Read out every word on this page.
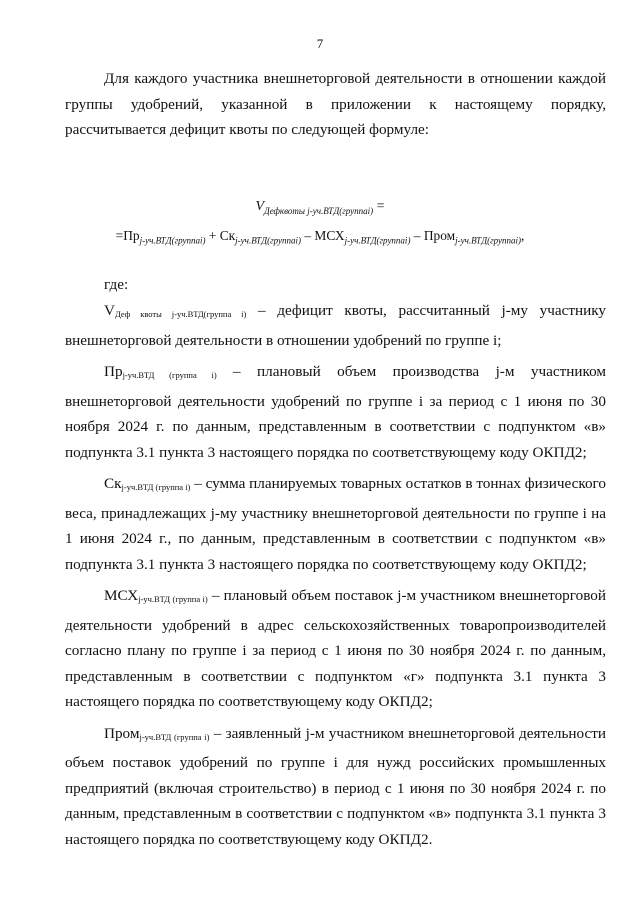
7

Для каждого участника внешнеторговой деятельности в отношении каждой группы удобрений, указанной в приложении к настоящему порядку, рассчитывается дефицит квоты по следующей формуле:

$V_{Дефквоты j-уч.ВТД(группаi)}$ =
$=Пр_{j-уч.ВТД(группаi)} + Ск_{j-уч.ВТД(группаi)} - МСХ_{j-уч.ВТД(группаi)}$ – Пром$_{j-уч.ВТД(группаi)}$,

где:

VДеф квоты j-уч.ВТД(группа i) – дефицит квоты, рассчитанный j-му участнику внешнеторговой деятельности в отношении удобрений по группе i;

Прj-уч.ВТД (группа i) – плановый объем производства j-м участником внешнеторговой деятельности удобрений по группе i за период с 1 июня по 30 ноября 2024 г. по данным, представленным в соответствии с подпунктом «в» подпункта 3.1 пункта 3 настоящего порядка по соответствующему коду ОКПД2;

Скj-уч.ВТД (группа i) – сумма планируемых товарных остатков в тоннах физического веса, принадлежащих j-му участнику внешнеторговой деятельности по группе i на 1 июня 2024 г., по данным, представленным в соответствии с подпунктом «в» подпункта 3.1 пункта 3 настоящего порядка по соответствующему коду ОКПД2;

МСХj-уч.ВТД (группа i) – плановый объем поставок j-м участником внешнеторговой деятельности удобрений в адрес сельскохозяйственных товаропроизводителей согласно плану по группе i за период с 1 июня по 30 ноября 2024 г. по данным, представленным в соответствии с подпунктом «г» подпункта 3.1 пункта 3 настоящего порядка по соответствующему коду ОКПД2;

Промj-уч.ВТД (группа i) – заявленный j-м участником внешнеторговой деятельности объем поставок удобрений по группе i для нужд российских промышленных предприятий (включая строительство) в период с 1 июня по 30 ноября 2024 г. по данным, представленным в соответствии с подпунктом «в» подпункта 3.1 пункта 3 настоящего порядка по соответствующему коду ОКПД2.
